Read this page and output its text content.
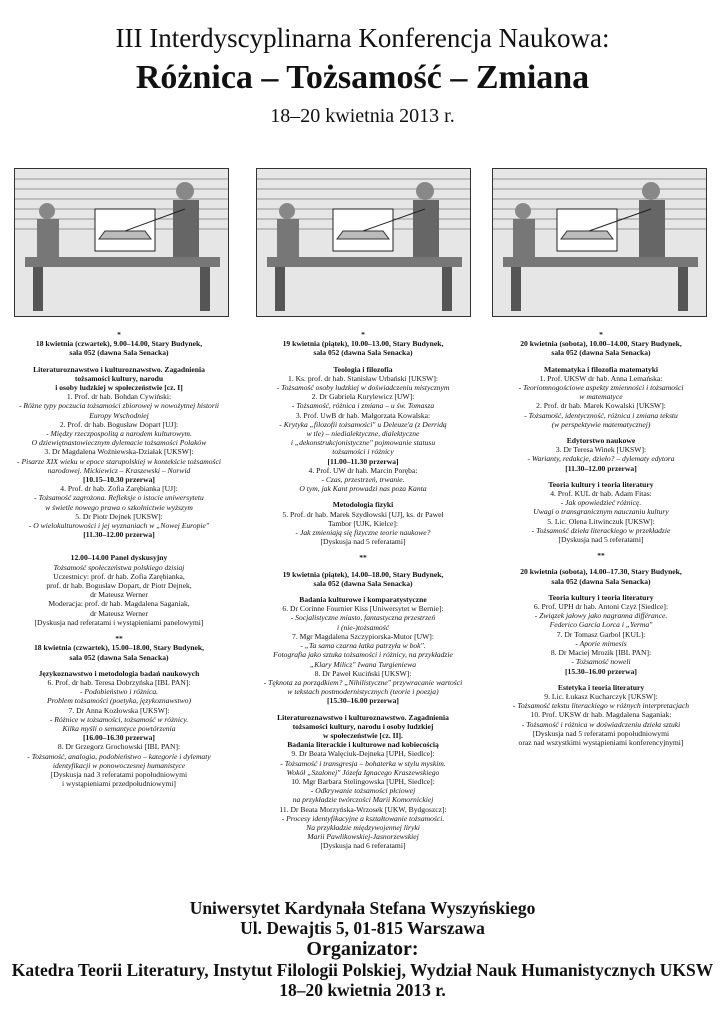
III Interdyscyplinarna Konferencja Naukowa:
Różnica – Tożsamość – Zmiana
18–20 kwietnia 2013 r.
*
18 kwietnia (czwartek), 9.00–14.00, Stary Budynek,
sala 052 (dawna Sala Senacka)
Literaturoznawstwo i kulturoznawstwo. Zagadnienia
tożsamości kultury, narodu
i osoby ludzkiej w społeczeństwie [cz. I]
1. Prof. dr hab. Bohdan Cywiński:
- Różne typy poczucia tożsamości zbiorowej w nowożytnej historii
Europy Wschodniej
2. Prof. dr hab. Bogusław Dopart [UJ]:
- Między rzeczpospolitą a narodem kulturowym.
O dziewiętnastowiecznym dylemacie tożsamości Polaków
3. Dr Magdalena Woźniewska-Działak [UKSW]:
- Pisarze XIX wieku w epoce starupolskiej w kontekście tożsamości
narodowej. Mickiewicz – Kraszewski – Norwid
[10.15–10.30 przerwa]
4. Prof. dr hab. Zofia Zarębianka [UJ]:
- Tożsamość zagrożona. Refleksje o istocie uniwersytetu
w świetle nowego prawa o szkolnictwie wyższym
5. Dr Piotr Dejnek [UKSW]:
- O wielokulturowości i jej wyznaniach w „Nowej Europie"
[11.30–12.00 przerwa]
12.00–14.00 Panel dyskusyjny
Tożsamość społeczeństwa polskiego dzisiaj
Uczestnicy: prof. dr hab. Zofia Zarębianka,
prof. dr hab. Bogusław Dopart, dr Piotr Dejnek,
dr Mateusz Werner
Moderacja: prof. dr hab. Magdalena Saganiak,
dr Mateusz Werner
[Dyskusja nad referatami i wystąpieniami panelowymi]
**
18 kwietnia (czwartek), 15.00–18.00, Stary Budynek,
sala 052 (dawna Sala Senacka)
Językoznawstwo i metodologia badań naukowych
6. Prof. dr hab. Teresa Dobrzyńska [IBL PAN]:
- Podobieństwo i różnica.
Problem tożsamości (poetyka, językoznawstwo)
7. Dr Anna Kozłowska [UKSW]:
- Różnice w tożsamości, tożsamość w różnicy.
Kilka myśli o semantyce powtórzenia
[16.00–16.30 przerwa]
8. Dr Grzegorz Grochowski [IBL PAN]:
- Tożsamość, analogia, podobieństwo – kategorie i dylematy
identyfikacji w ponowoczesnej humanistyce
[Dyskusja nad 3 referatami popołudniowymi
i wystąpieniami przedpołudniowymi]
*
19 kwietnia (piątek), 10.00–13.00, Stary Budynek,
sala 052 (dawna Sala Senacka)
Teologia i filozofia
1. Ks. prof. dr hab. Stanisław Urbański [UKSW]:
- Tożsamość osoby ludzkiej w doświadczeniu mistycznym
2. Dr Gabriela Kurylewicz [UW]:
- Tożsamość, różnica i zmiana – u św. Tomasza
3. Prof. UwB dr hab. Małgorzata Kowalska:
- Krytyka „filozofii tożsamości" u Deleuze'a (z Derridą
w tle) – niedialektyczne, dialektyczne
i „dekonstrukcjonistyczne" pojmowanie statusu
tożsamości i różnicy
[11.00–11.30 przerwa]
4. Prof. UW dr hab. Marcin Poręba:
- Czas, przestrzeń, trwanie.
O tym, jak Kant prowadzi nas poza Kanta
Metodologia fizyki
5. Prof. dr hab. Marek Szydłowski [UJ], ks. dr Paweł
Tambor [UJK, Kielce]:
- Jak zmieniają się fizyczne teorie naukowe?
[Dyskusja nad 5 referatami]
**
19 kwietnia (piątek), 14.00–18.00, Stary Budynek,
sala 052 (dawna Sala Senacka)
Badania kulturowe i komparatystyczne
6. Dr Corinne Fournier Kiss [Uniwersytet w Bernie]:
- Socjalistyczne miasto, fantastyczna przestrzeń
i (nie-)tożsamość
7. Mgr Magdalena Szczypiorska-Mutor [UW]:
- „Ta sama czarna łatka patrzyła w bok".
Fotografia jako sztuka tożsamości i różnicy, na przykładzie
„Klary Milicz" Iwana Turgieniewa
8. Dr Paweł Kuciński [UKSW]:
- Tęknota za porządkiem? „Nihilistyczne" przywracanie wartości
w tekstach postmodernistycznych (teorie i poezja)
[15.30–16.00 przerwa]
Literaturoznawstwo i kulturoznawstwo. Zagadnienia
tożsamości kultury, narodu i osoby ludzkiej
w społeczeństwie [cz. II].
Badania literackie i kulturowe nad kobiecością
9. Dr Beata Walęciuk-Dejneka [UPH, Siedlce]:
- Tożsamość i transgresja – bohaterka w stylu myskim.
Wokół „Szalonej" Józefa Ignacego Kraszewskiego
10. Mgr Barbara Stelingowska [UPH, Siedlce]:
- Odkrywanie tożsamości płciowej
na przykładzie twórczości Marii Komornickiej
11. Dr Beata Morzyńska-Wrzosek [UKW, Bydgoszcz]:
- Procesy identyfikacyjne a kształtowanie tożsamości.
Na przykładzie międzywojennej liryki
Marii Pawlikowskiej-Jasnorzewskiej
[Dyskusja nad 6 referatami]
*
20 kwietnia (sobota), 10.00–14.00, Stary Budynek,
sala 052 (dawna Sala Senacka)
Matematyka i filozofia matematyki
1. Prof. UKSW dr hab. Anna Lemańska:
- Teoriomnogościowe aspekty zmienności i tożsamości
w matematyce
2. Prof. dr hab. Marek Kowalski [UKSW]:
- Tożsamość, identyczność, różnica i zmiana tekstu
(w perspektywie matematycznej)
Edytorstwo naukowe
3. Dr Teresa Winek [UKSW]:
- Warianty, redakcje, dzieło? – dylematy edytora
[11.30–12.00 przerwa]
Teoria kultury i teoria literatury
4. Prof. KUL dr hab. Adam Fitas:
- Jak opowiedzieć różnicę.
Uwagi o transgranicznym nauczaniu kultury
5. Lic. Olena Litwinczuk [UKSW]:
- Tożsamość dzieła literackiego w przekładzie
[Dyskusja nad 5 referatami]
**
20 kwietnia (sobota), 14.00–17.30, Stary Budynek,
sala 052 (dawna Sala Senacka)
Teoria kultury i teoria literatury
6. Prof. UPH dr hab. Antoni Czyż [Siedlce]:
- Związek jałowy jako nagranna différance.
Federico García Lorca i „Yerma"
7. Dr Tomasz Garbol [KUL]:
- Aporie mimesis
8. Dr Maciej Mrozik [IBL PAN]:
- Tożsamość nowelі
[15.30–16.00 przerwa]
Estetyka i teoria literatury
9. Lic. Łukasz Kucharczyk [UKSW]:
- Tożsamość tekstu literackiego w różnych interpretacjach
10. Prof. UKSW dr hab. Magdalena Saganiak:
- Tożsamość i różnica w doświadczeniu dzieła sztuki
[Dyskusja nad 5 referatami popołudniowymi
oraz nad wszystkimi wystąpieniami konferencyjnymi]
Uniwersytet Kardynała Stefana Wyszyńskiego
Ul. Dewajtis 5, 01-815 Warszawa
Organizator:
Katedra Teorii Literatury, Instytut Filologii Polskiej, Wydział Nauk Humanistycznych UKSW
18–20 kwietnia 2013 r.
